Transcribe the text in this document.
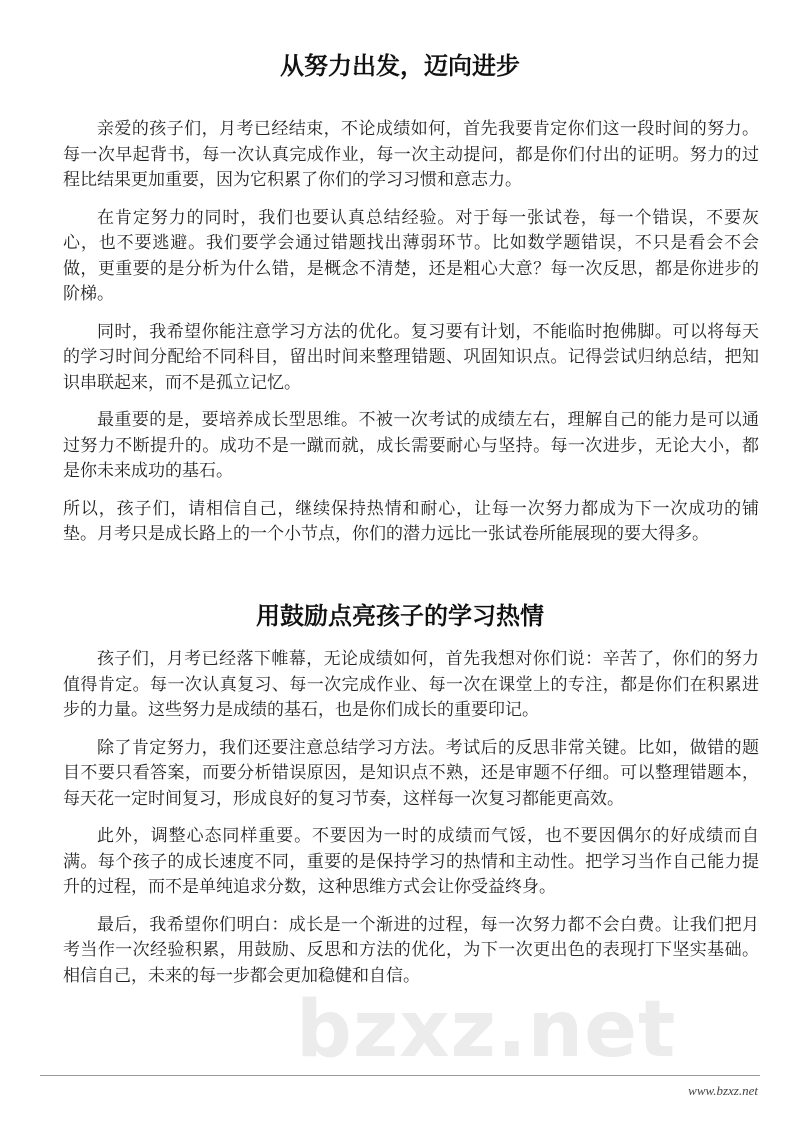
从努力出发，迈向进步

亲爱的孩子们，月考已经结束，不论成绩如何，首先我要肯定你们这一段时间的努力。每一次早起背书，每一次认真完成作业，每一次主动提问，都是你们付出的证明。努力的过程比结果更加重要，因为它积累了你们的学习习惯和意志力。

在肯定努力的同时，我们也要认真总结经验。对于每一张试卷，每一个错误，不要灰心，也不要逃避。我们要学会通过错题找出薄弱环节。比如数学题错误，不只是看会不会做，更重要的是分析为什么错，是概念不清楚，还是粗心大意？每一次反思，都是你进步的阶梯。

同时，我希望你能注意学习方法的优化。复习要有计划，不能临时抱佛脚。可以将每天的学习时间分配给不同科目，留出时间来整理错题、巩固知识点。记得尝试归纳总结，把知识串联起来，而不是孤立记忆。

最重要的是，要培养成长型思维。不被一次考试的成绩左右，理解自己的能力是可以通过努力不断提升的。成功不是一蹴而就，成长需要耐心与坚持。每一次进步，无论大小，都是你未来成功的基石。

所以，孩子们，请相信自己，继续保持热情和耐心，让每一次努力都成为下一次成功的铺垫。月考只是成长路上的一个小节点，你们的潜力远比一张试卷所能展现的要大得多。

用鼓励点亮孩子的学习热情

孩子们，月考已经落下帷幕，无论成绩如何，首先我想对你们说：辛苦了，你们的努力值得肯定。每一次认真复习、每一次完成作业、每一次在课堂上的专注，都是你们在积累进步的力量。这些努力是成绩的基石，也是你们成长的重要印记。

除了肯定努力，我们还要注意总结学习方法。考试后的反思非常关键。比如，做错的题目不要只看答案，而要分析错误原因，是知识点不熟，还是审题不仔细。可以整理错题本，每天花一定时间复习，形成良好的复习节奏，这样每一次复习都能更高效。

此外，调整心态同样重要。不要因为一时的成绩而气馁，也不要因偶尔的好成绩而自满。每个孩子的成长速度不同，重要的是保持学习的热情和主动性。把学习当作自己能力提升的过程，而不是单纯追求分数，这种思维方式会让你受益终身。

最后，我希望你们明白：成长是一个渐进的过程，每一次努力都不会白费。让我们把月考当作一次经验积累，用鼓励、反思和方法的优化，为下一次更出色的表现打下坚实基础。相信自己，未来的每一步都会更加稳健和自信。

bzxz.net
www.bzxz.net
